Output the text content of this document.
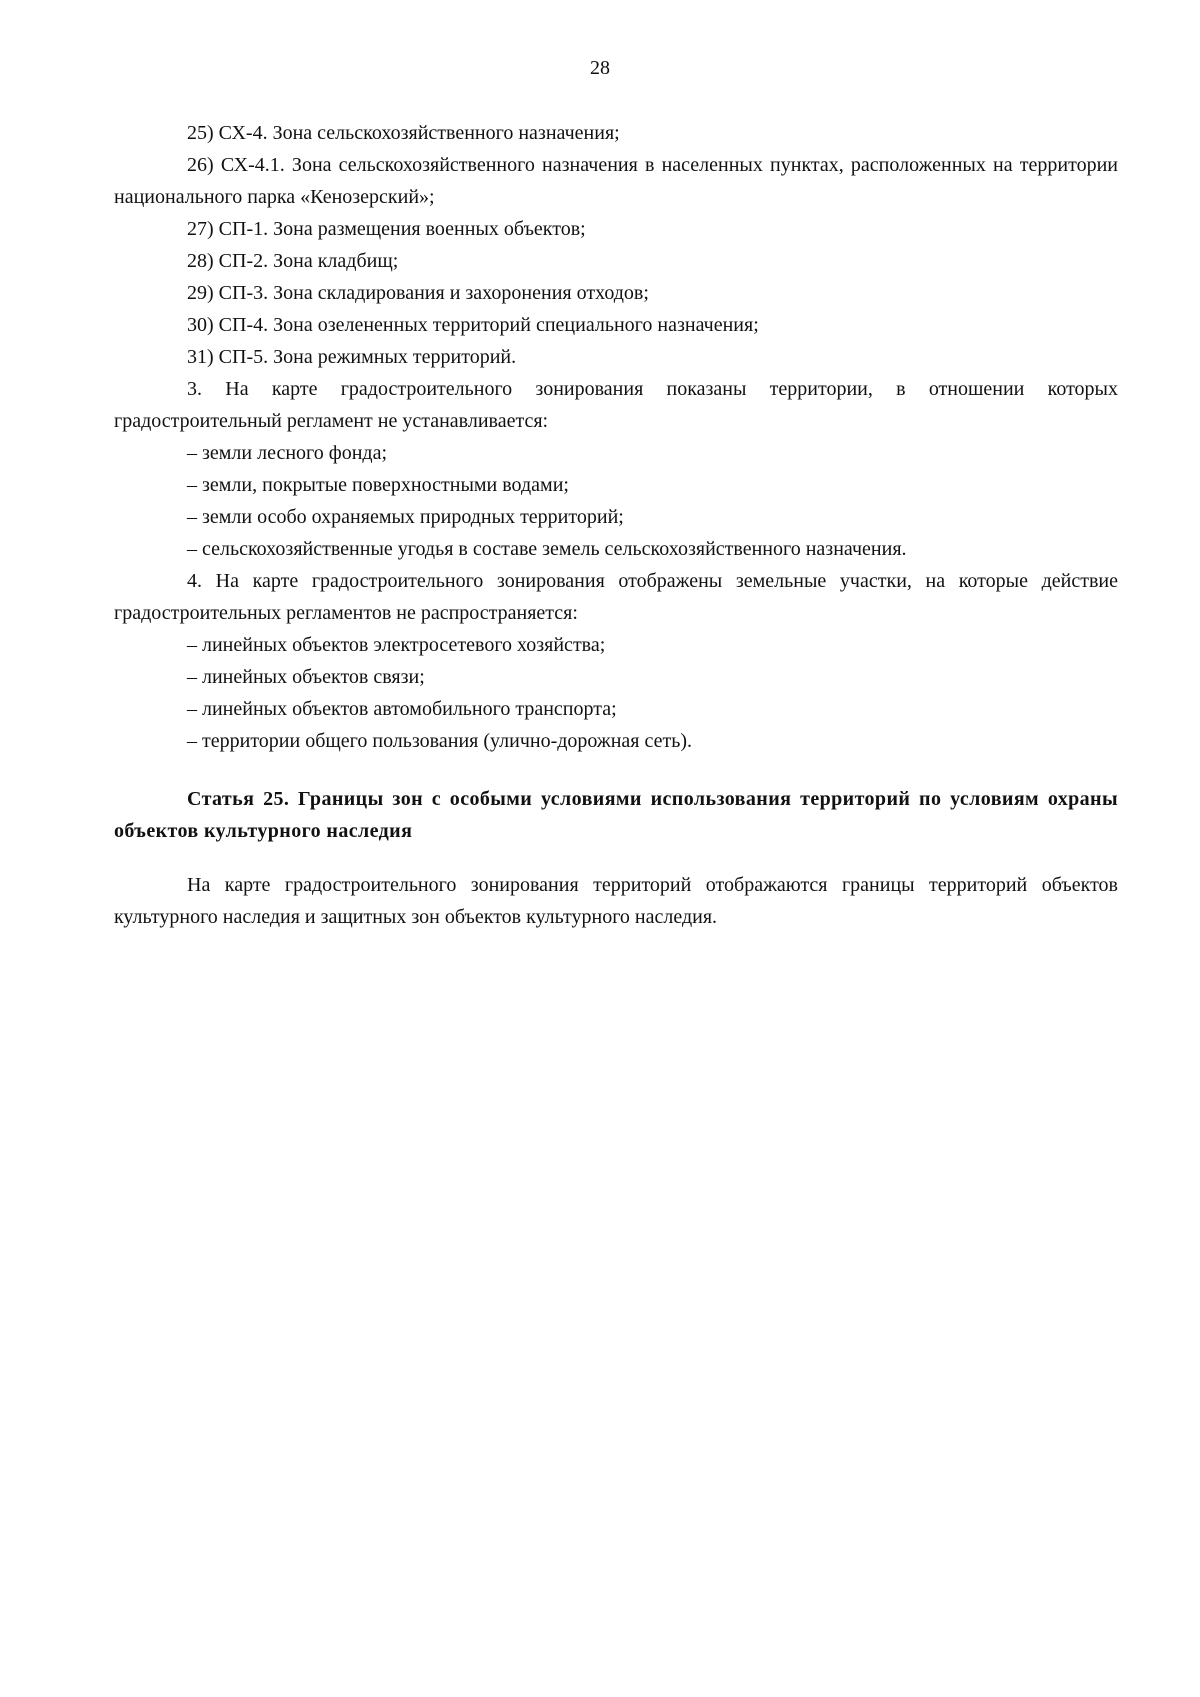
28

25) СХ-4. Зона сельскохозяйственного назначения;

26) СХ-4.1. Зона сельскохозяйственного назначения в населенных пунктах, расположенных на территории национального парка «Кенозерский»;

27) СП-1. Зона размещения военных объектов;

28) СП-2. Зона кладбищ;

29) СП-3. Зона складирования и захоронения отходов;

30) СП-4. Зона озелененных территорий специального назначения;

31) СП-5. Зона режимных территорий.

3. На карте градостроительного зонирования показаны территории, в отношении которых градостроительный регламент не устанавливается:

– земли лесного фонда;

– земли, покрытые поверхностными водами;

– земли особо охраняемых природных территорий;

– сельскохозяйственные угодья в составе земель сельскохозяйственного назначения.

4. На карте градостроительного зонирования отображены земельные участки, на которые действие градостроительных регламентов не распространяется:

– линейных объектов электросетевого хозяйства;

– линейных объектов связи;

– линейных объектов автомобильного транспорта;

– территории общего пользования (улично-дорожная сеть).

Статья 25. Границы зон с особыми условиями использования территорий по условиям охраны объектов культурного наследия

На карте градостроительного зонирования территорий отображаются границы территорий объектов культурного наследия и защитных зон объектов культурного наследия.
